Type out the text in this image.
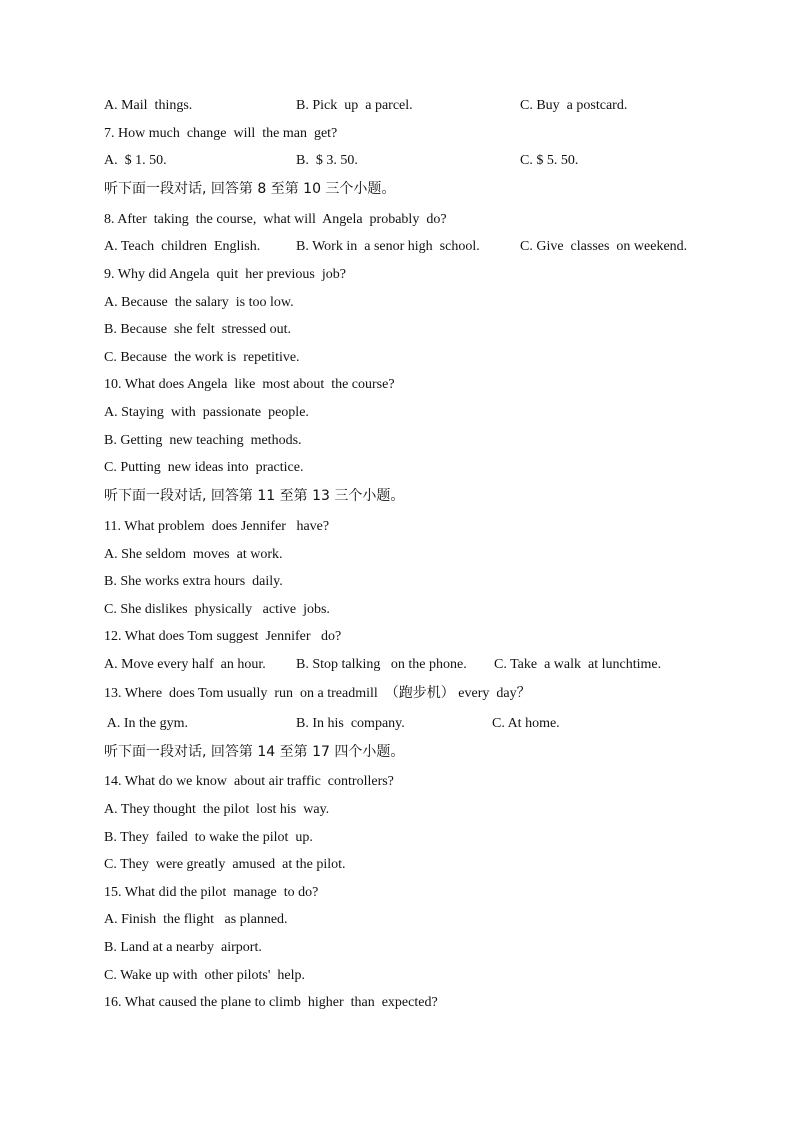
A. Mail  things.	B. Pick  up  a parcel.	C. Buy  a postcard.
7. How much  change  will  the man  get?
A.  $ 1. 50.	B.  $ 3. 50.	C. $ 5. 50.
听下面一段对话, 回答第 8 至第 10 三个小题。
8. After  taking  the course,  what will  Angela  probably  do?
A. Teach  children  English.	B. Work in  a senor high  school.	C. Give  classes  on weekend.
9. Why did Angela  quit  her previous  job?
A. Because  the salary  is too low.
B. Because  she felt  stressed out.
C. Because  the work is  repetitive.
10. What does Angela  like  most about  the course?
A. Staying  with  passionate  people.
B. Getting  new teaching  methods.
C. Putting  new ideas into  practice.
听下面一段对话, 回答第 11 至第 13 三个小题。
11. What problem  does Jennifer   have?
A. She seldom  moves  at work.
B. She works extra hours  daily.
C. She dislikes  physically   active  jobs.
12. What does Tom suggest  Jennifer   do?
A. Move every half  an hour. B. Stop talking   on the phone. C. Take  a walk  at lunchtime.
13. Where  does Tom usually  run  on a treadmill  （跑步机） every  day？
A. In the gym.	B. In his  company.	C. At home.
听下面一段对话, 回答第 14 至第 17 四个小题。
14. What do we know  about air traffic  controllers?
A. They thought  the pilot  lost his  way.
B. They  failed  to wake the pilot  up.
C. They  were greatly  amused  at the pilot.
15. What did the pilot  manage  to do?
A. Finish  the flight   as planned.
B. Land at a nearby  airport.
C. Wake up with  other pilots'  help.
16. What caused the plane to climb  higher  than  expected?
